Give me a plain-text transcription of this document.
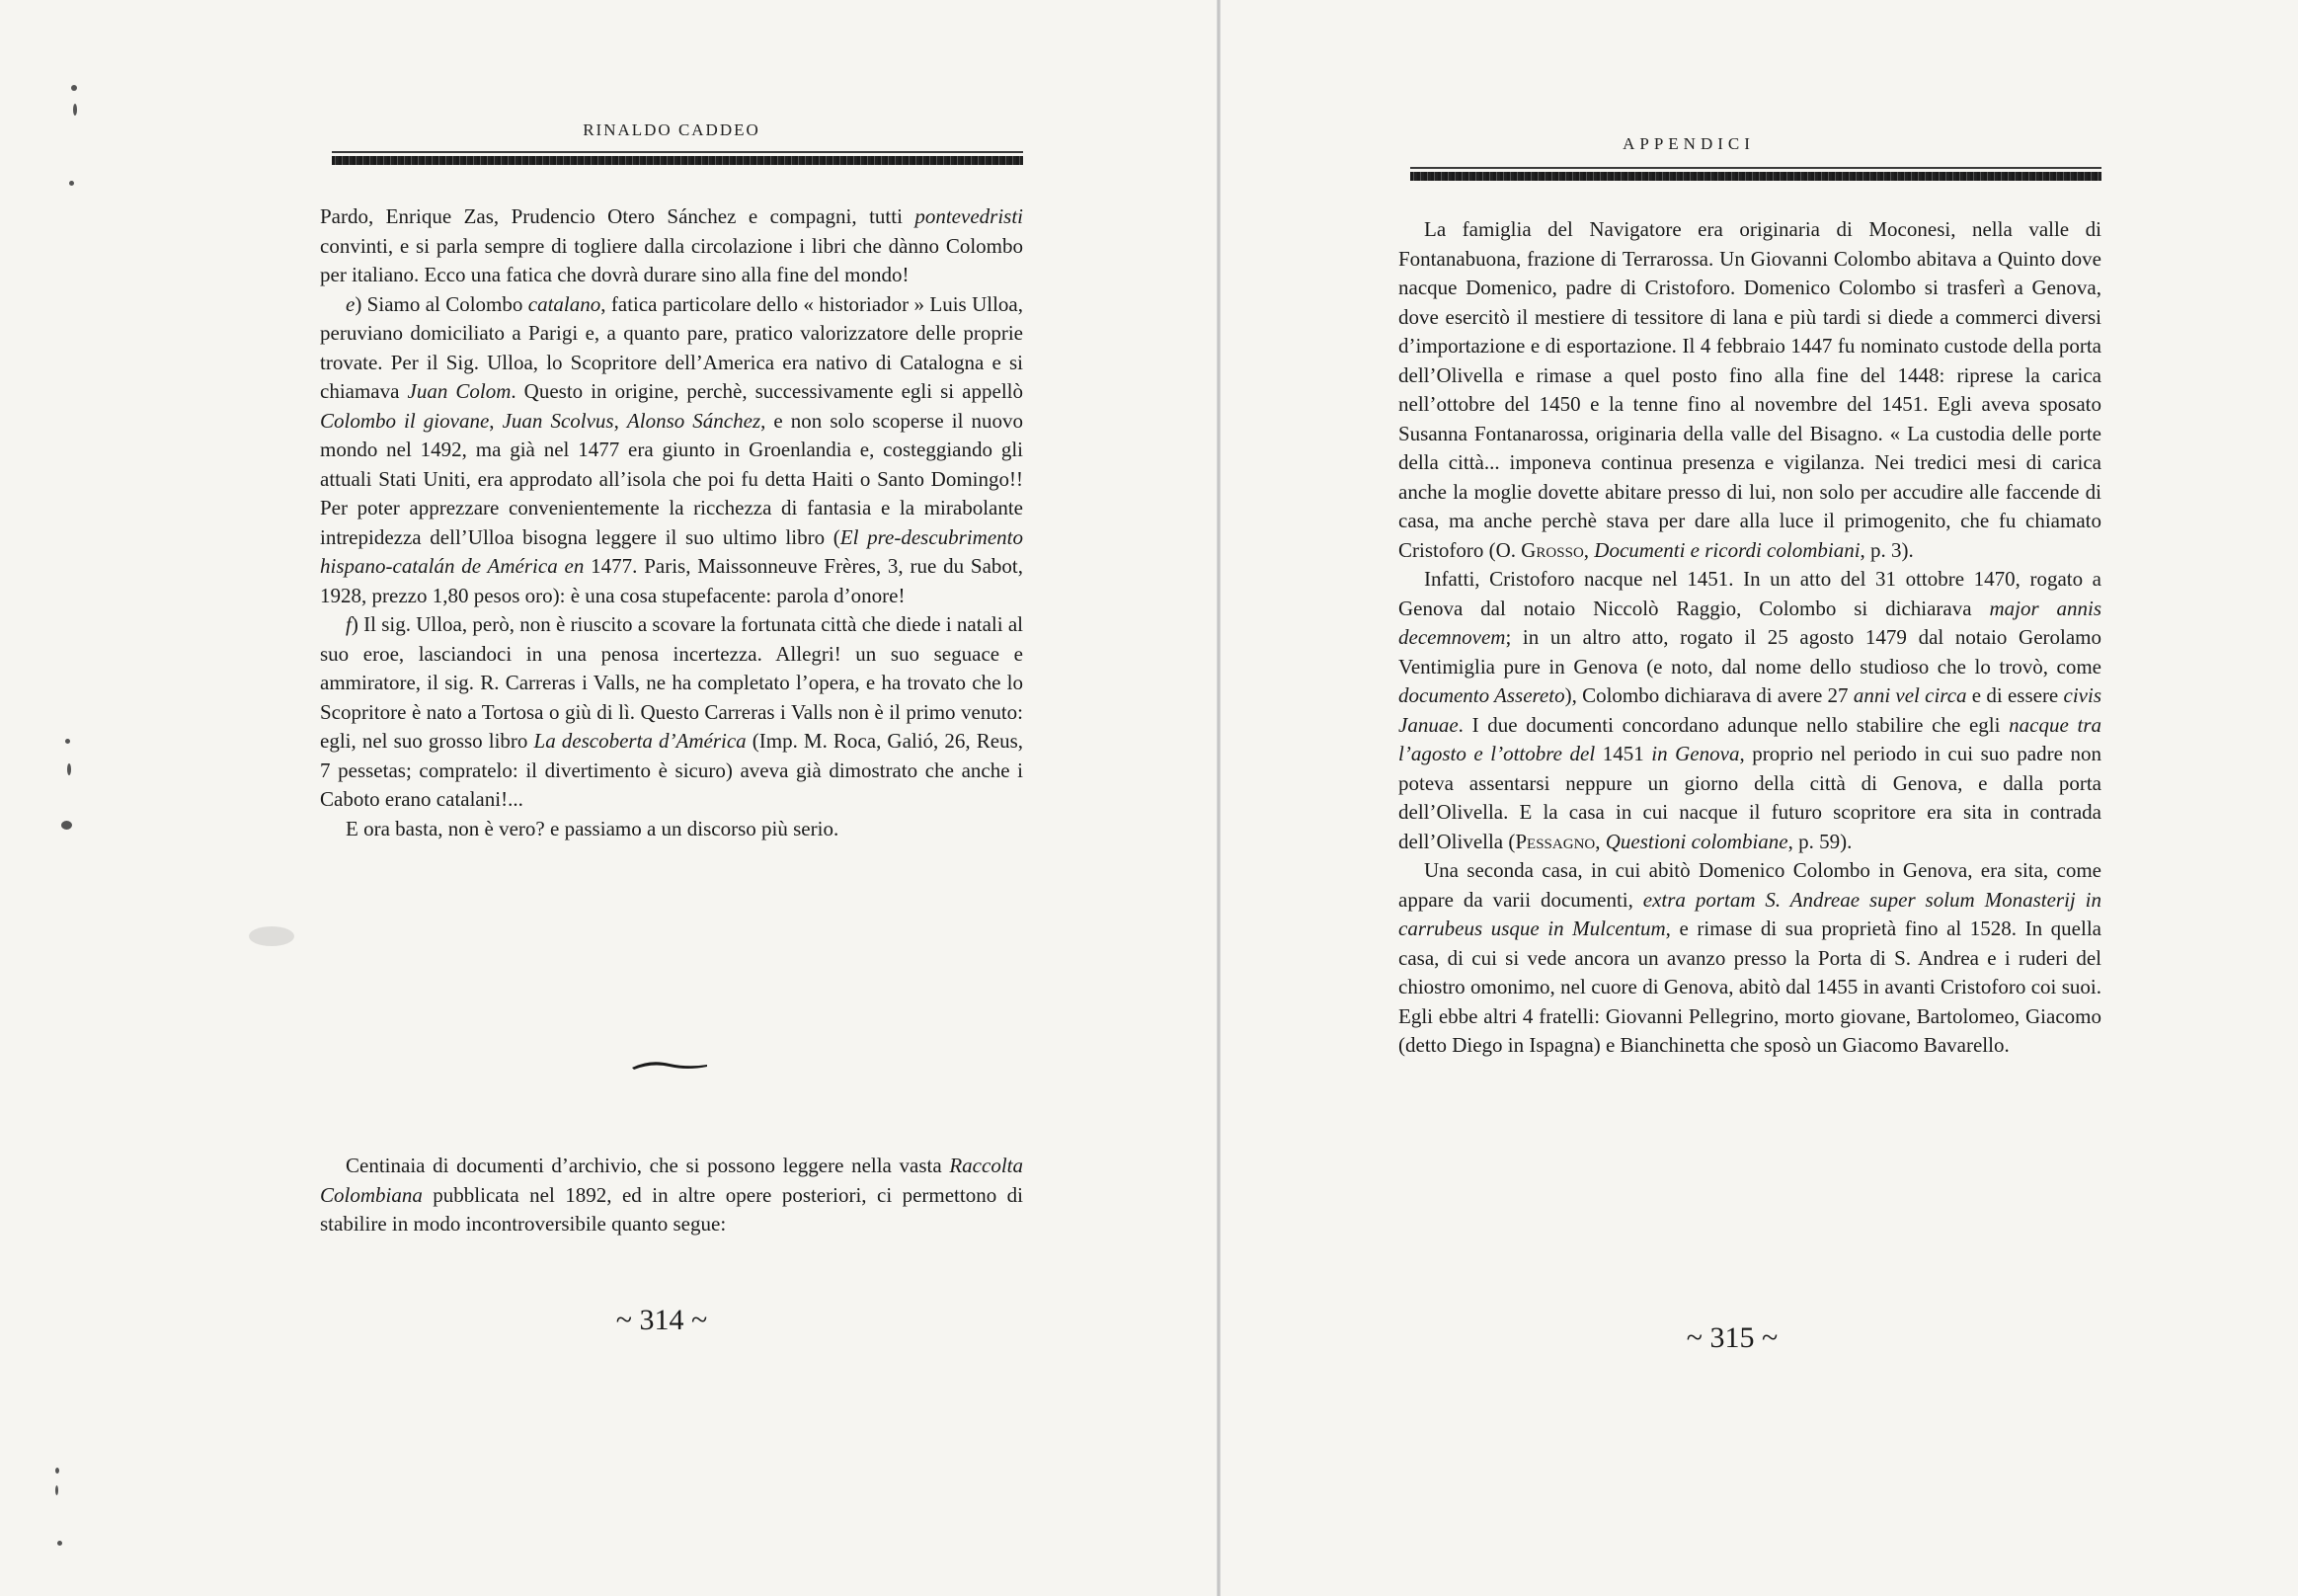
RINALDO CADDEO

Pardo, Enrique Zas, Prudencio Otero Sánchez e compagni, tutti pontevedristi convinti, e si parla sempre di togliere dalla circolazione i libri che dànno Colombo per italiano. Ecco una fatica che dovrà durare sino alla fine del mondo!

e) Siamo al Colombo catalano, fatica particolare dello « historiador » Luis Ulloa, peruviano domiciliato a Parigi e, a quanto pare, pratico valorizzatore delle proprie trovate. Per il Sig. Ulloa, lo Scopritore dell’America era nativo di Catalogna e si chiamava Juan Colom. Questo in origine, perchè, successivamente egli si appellò Colombo il giovane, Juan Scolvus, Alonso Sánchez, e non solo scoperse il nuovo mondo nel 1492, ma già nel 1477 era giunto in Groenlandia e, costeggiando gli attuali Stati Uniti, era approdato all’isola che poi fu detta Haiti o Santo Domingo!! Per poter apprezzare convenientemente la ricchezza di fantasia e la mirabolante intrepidezza dell’Ulloa bisogna leggere il suo ultimo libro (El pre-descubrimento hispano-catalán de América en 1477. Paris, Maissonneuve Frères, 3, rue du Sabot, 1928, prezzo 1,80 pesos oro): è una cosa stupefacente: parola d’onore!

f) Il sig. Ulloa, però, non è riuscito a scovare la fortunata città che diede i natali al suo eroe, lasciandoci in una penosa incertezza. Allegri! un suo seguace e ammiratore, il sig. R. Carreras i Valls, ne ha completato l’opera, e ha trovato che lo Scopritore è nato a Tortosa o giù di lì. Questo Carreras i Valls non è il primo venuto: egli, nel suo grosso libro La descoberta d’América (Imp. M. Roca, Galió, 26, Reus, 7 pessetas; compratelo: il divertimento è sicuro) aveva già dimostrato che anche i Caboto erano catalani!...

E ora basta, non è vero? e passiamo a un discorso più serio.

Centinaia di documenti d’archivio, che si possono leggere nella vasta Raccolta Colombiana pubblicata nel 1892, ed in altre opere posteriori, ci permettono di stabilire in modo incontroversibile quanto segue:

~ 314 ~
APPENDICI

La famiglia del Navigatore era originaria di Moconesi, nella valle di Fontanabuona, frazione di Terrarossa. Un Giovanni Colombo abitava a Quinto dove nacque Domenico, padre di Cristoforo. Domenico Colombo si trasferì a Genova, dove esercitò il mestiere di tessitore di lana e più tardi si diede a commerci diversi d’importazione e di esportazione. Il 4 febbraio 1447 fu nominato custode della porta dell’Olivella e rimase a quel posto fino alla fine del 1448: riprese la carica nell’ottobre del 1450 e la tenne fino al novembre del 1451. Egli aveva sposato Susanna Fontanarossa, originaria della valle del Bisagno. « La custodia delle porte della città... imponeva continua presenza e vigilanza. Nei tredici mesi di carica anche la moglie dovette abitare presso di lui, non solo per accudire alle faccende di casa, ma anche perchè stava per dare alla luce il primogenito, che fu chiamato Cristoforo (O. Grosso, Documenti e ricordi colombiani, p. 3).

Infatti, Cristoforo nacque nel 1451. In un atto del 31 ottobre 1470, rogato a Genova dal notaio Niccolò Raggio, Colombo si dichiarava major annis decemnovem; in un altro atto, rogato il 25 agosto 1479 dal notaio Gerolamo Ventimiglia pure in Genova (e noto, dal nome dello studioso che lo trovò, come documento Assereto), Colombo dichiarava di avere 27 anni vel circa e di essere civis Januae. I due documenti concordano adunque nello stabilire che egli nacque tra l’agosto e l’ottobre del 1451 in Genova, proprio nel periodo in cui suo padre non poteva assentarsi neppure un giorno della città di Genova, e dalla porta dell’Olivella. E la casa in cui nacque il futuro scopritore era sita in contrada dell’Olivella (Pessagno, Questioni colombiane, p. 59).

Una seconda casa, in cui abitò Domenico Colombo in Genova, era sita, come appare da varii documenti, extra portam S. Andreae super solum Monasterij in carrubeus usque in Mulcentum, e rimase di sua proprietà fino al 1528. In quella casa, di cui si vede ancora un avanzo presso la Porta di S. Andrea e i ruderi del chiostro omonimo, nel cuore di Genova, abitò dal 1455 in avanti Cristoforo coi suoi. Egli ebbe altri 4 fratelli: Giovanni Pellegrino, morto giovane, Bartolomeo, Giacomo (detto Diego in Ispagna) e Bianchinetta che sposò un Giacomo Bavarello.

~ 315 ~
